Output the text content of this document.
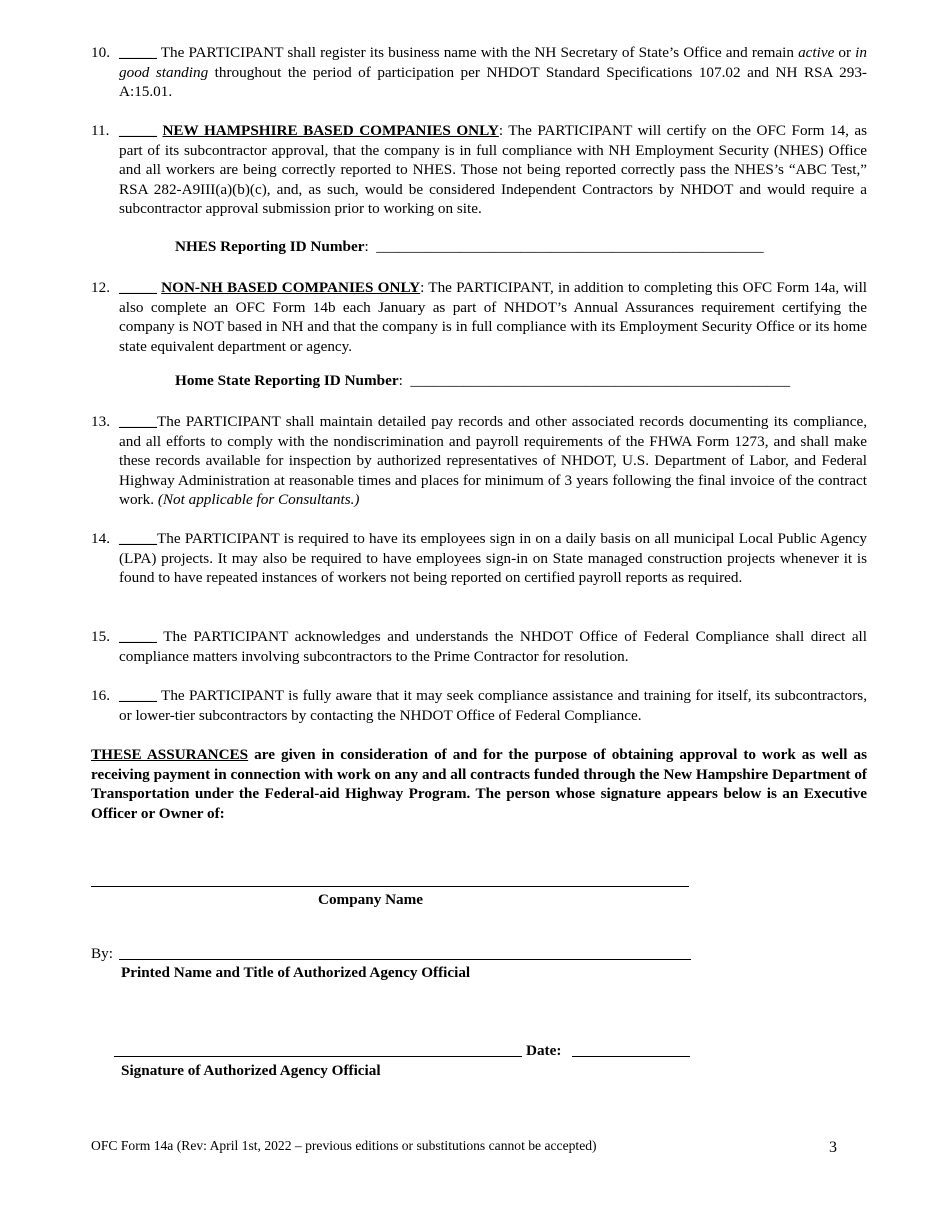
10. _____ The PARTICIPANT shall register its business name with the NH Secretary of State’s Office and remain active or in good standing throughout the period of participation per NHDOT Standard Specifications 107.02 and NH RSA 293-A:15.01.
11. _____ NEW HAMPSHIRE BASED COMPANIES ONLY: The PARTICIPANT will certify on the OFC Form 14, as part of its subcontractor approval, that the company is in full compliance with NH Employment Security (NHES) Office and all workers are being correctly reported to NHES. Those not being reported correctly pass the NHES’s “ABC Test,” RSA 282-A9III(a)(b)(c), and, as such, would be considered Independent Contractors by NHDOT and would require a subcontractor approval submission prior to working on site.
NHES Reporting ID Number:  ___________________________________________________
12. _____ NON-NH BASED COMPANIES ONLY: The PARTICIPANT, in addition to completing this OFC Form 14a, will also complete an OFC Form 14b each January as part of NHDOT’s Annual Assurances requirement certifying the company is NOT based in NH and that the company is in full compliance with its Employment Security Office or its home state equivalent department or agency.
Home State Reporting ID Number:  __________________________________________________
13. _____The PARTICIPANT shall maintain detailed pay records and other associated records documenting its compliance, and all efforts to comply with the nondiscrimination and payroll requirements of the FHWA Form 1273, and shall make these records available for inspection by authorized representatives of NHDOT, U.S. Department of Labor, and Federal Highway Administration at reasonable times and places for minimum of 3 years following the final invoice of the contract work. (Not applicable for Consultants.)
14. _____The PARTICIPANT is required to have its employees sign in on a daily basis on all municipal Local Public Agency (LPA) projects. It may also be required to have employees sign-in on State managed construction projects whenever it is found to have repeated instances of workers not being reported on certified payroll reports as required.
15. _____ The PARTICIPANT acknowledges and understands the NHDOT Office of Federal Compliance shall direct all compliance matters involving subcontractors to the Prime Contractor for resolution.
16. _____ The PARTICIPANT is fully aware that it may seek compliance assistance and training for itself, its subcontractors, or lower-tier subcontractors by contacting the NHDOT Office of Federal Compliance.
THESE ASSURANCES are given in consideration of and for the purpose of obtaining approval to work as well as receiving payment in connection with work on any and all contracts funded through the New Hampshire Department of Transportation under the Federal-aid Highway Program. The person whose signature appears below is an Executive Officer or Owner of:
Company Name
By:
Printed Name and Title of Authorized Agency Official
Date:
Signature of Authorized Agency Official
OFC Form 14a (Rev: April 1st, 2022 – previous editions or substitutions cannot be accepted)	3
